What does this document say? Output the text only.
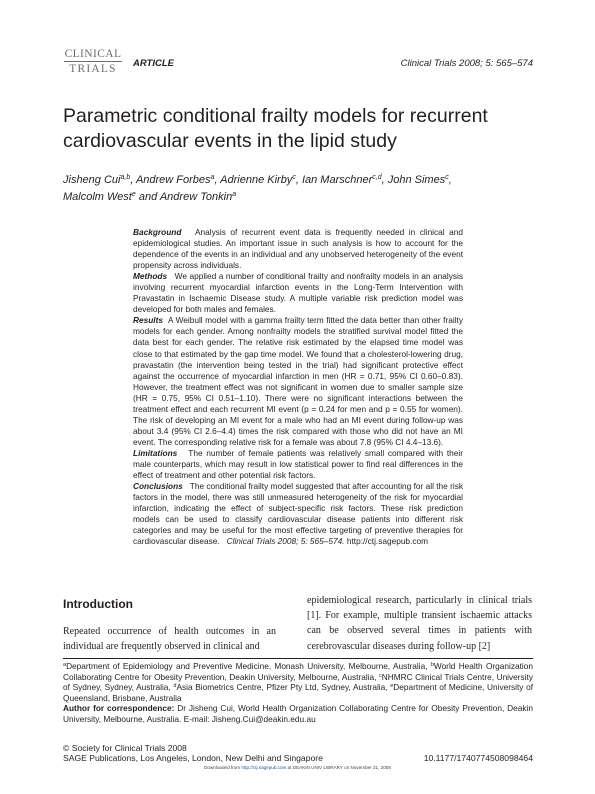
CLINICAL
TRIALS	ARTICLE	Clinical Trials 2008; 5: 565–574
Parametric conditional frailty models for recurrent cardiovascular events in the lipid study
Jisheng Cui$^{a,b}$, Andrew Forbes$^a$, Adrienne Kirby$^c$, Ian Marschner$^{c,d}$, John Simes$^c$,
Malcolm West$^e$ and Andrew Tonkin$^a$
Background Analysis of recurrent event data is frequently needed in clinical and epidemiological studies. An important issue in such analysis is how to account for the dependence of the events in an individual and any unobserved heterogeneity of the event propensity across individuals.
Methods We applied a number of conditional frailty and nonfrailty models in an analysis involving recurrent myocardial infarction events in the Long-Term Intervention with Pravastatin in Ischaemic Disease study. A multiple variable risk prediction model was developed for both males and females.
Results A Weibull model with a gamma frailty term fitted the data better than other frailty models for each gender. Among nonfrailty models the stratified survival model fitted the data best for each gender. The relative risk estimated by the elapsed time model was close to that estimated by the gap time model. We found that a cholesterol-lowering drug, pravastatin (the intervention being tested in the trial) had significant protective effect against the occurrence of myocardial infarction in men (HR = 0.71, 95% CI 0.60–0.83). However, the treatment effect was not significant in women due to smaller sample size (HR = 0.75, 95% CI 0.51–1.10). There were no significant interactions between the treatment effect and each recurrent MI event (p = 0.24 for men and p = 0.55 for women). The risk of developing an MI event for a male who had an MI event during follow-up was about 3.4 (95% CI 2.6–4.4) times the risk compared with those who did not have an MI event. The corresponding relative risk for a female was about 7.8 (95% CI 4.4–13.6).
Limitations The number of female patients was relatively small compared with their male counterparts, which may result in low statistical power to find real differences in the effect of treatment and other potential risk factors.
Conclusions The conditional frailty model suggested that after accounting for all the risk factors in the model, there was still unmeasured heterogeneity of the risk for myocardial infarction, indicating the effect of subject-specific risk factors. These risk prediction models can be used to classify cardiovascular disease patients into different risk categories and may be useful for the most effective targeting of preventive therapies for cardiovascular disease. Clinical Trials 2008; 5: 565–574. http://ctj.sagepub.com
Introduction
Repeated occurrence of health outcomes in an individual are frequently observed in clinical and
epidemiological research, particularly in clinical trials [1]. For example, multiple transient ischaemic attacks can be observed several times in patients with cerebrovascular diseases during follow-up [2]
$^a$Department of Epidemiology and Preventive Medicine, Monash University, Melbourne, Australia, $^b$World Health Organization Collaborating Centre for Obesity Prevention, Deakin University, Melbourne, Australia, $^c$NHMRC Clinical Trials Centre, University of Sydney, Sydney, Australia, $^d$Asia Biometrics Centre, Pfizer Pty Ltd, Sydney, Australia, $^e$Department of Medicine, University of Queensland, Brisbane, Australia
Author for correspondence: Dr Jisheng Cui, World Health Organization Collaborating Centre for Obesity Prevention, Deakin University, Melbourne, Australia. E-mail: Jisheng.Cui@deakin.edu.au
© Society for Clinical Trials 2008
SAGE Publications, Los Angeles, London, New Delhi and Singapore	10.1177/1740774508098464
Downloaded from http://ctj.sagepub.com at DEAKIN UNIV LIBRARY on November 21, 2008
